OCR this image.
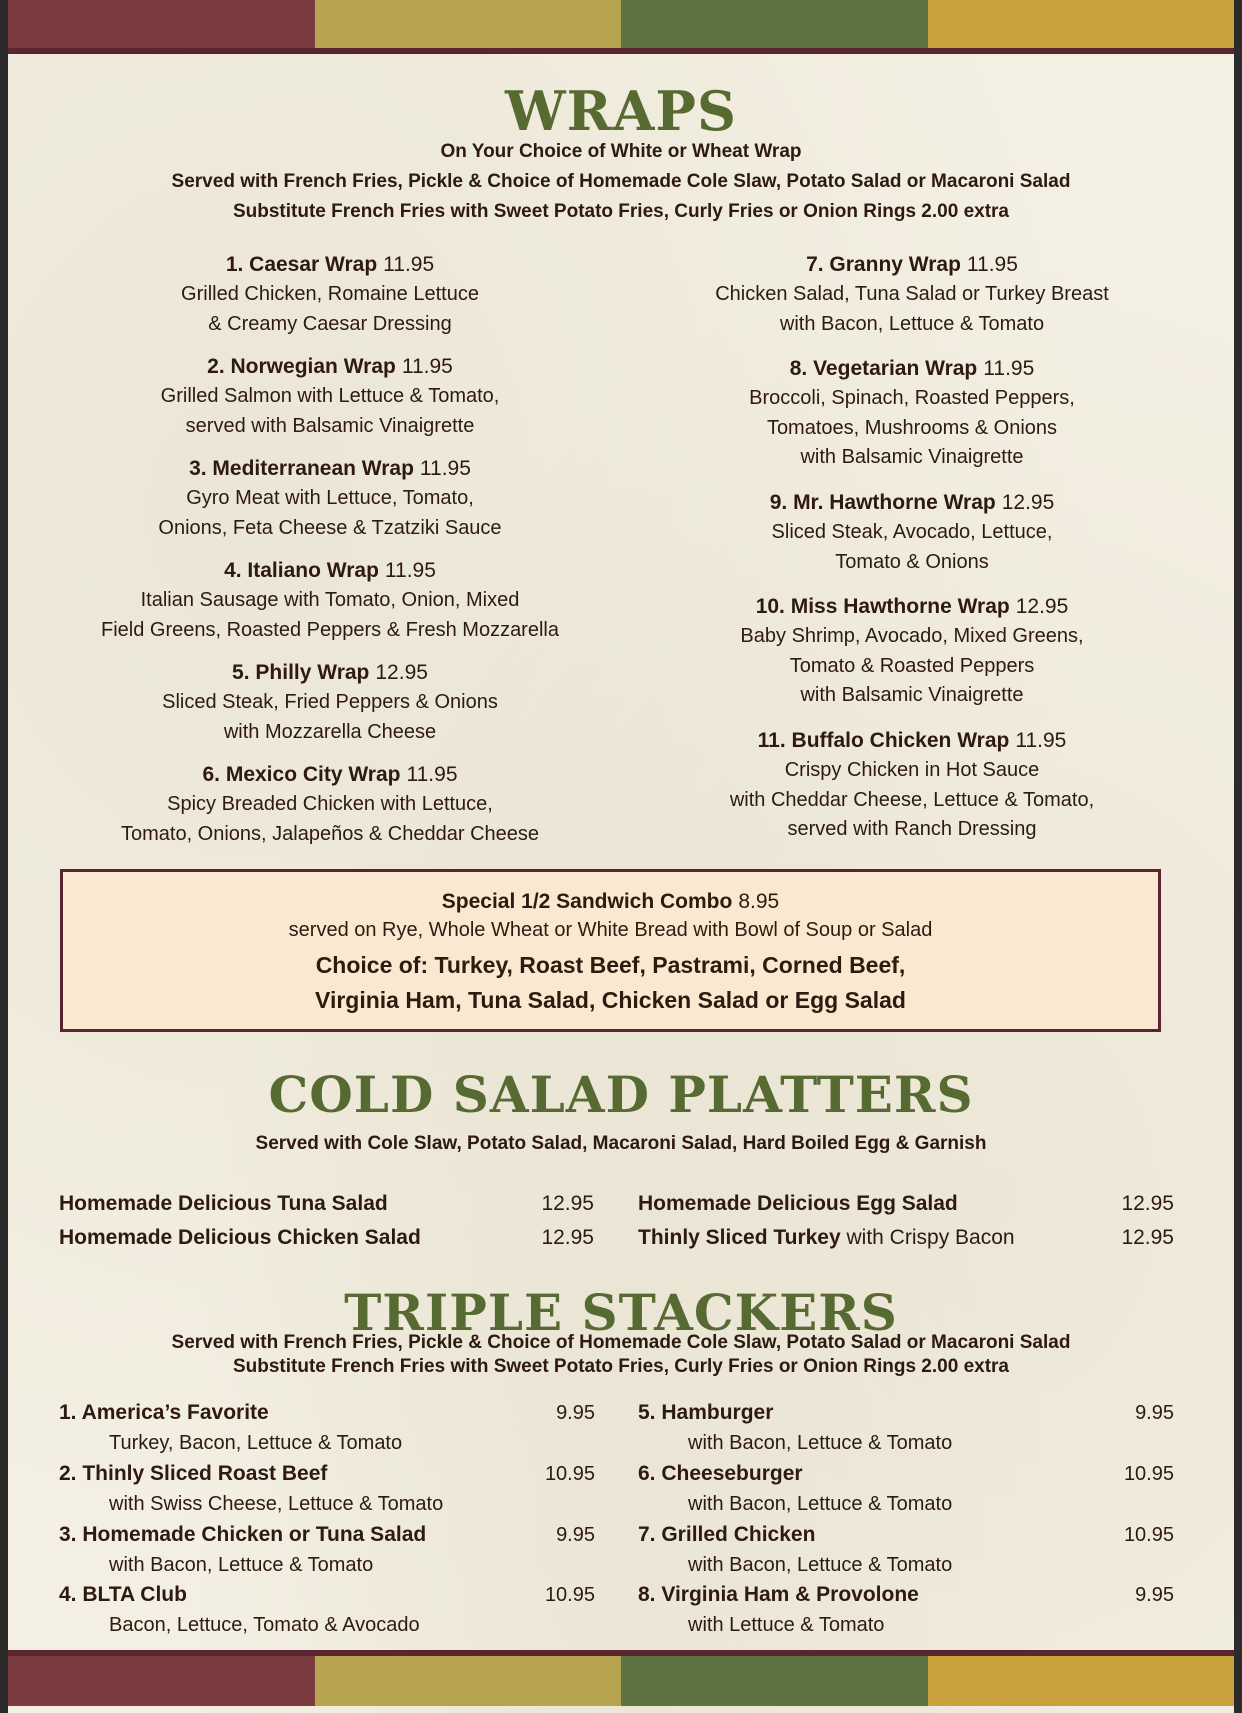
WRAPS

On Your Choice of White or Wheat Wrap

Served with French Fries, Pickle & Choice of Homemade Cole Slaw, Potato Salad or Macaroni Salad

Substitute French Fries with Sweet Potato Fries, Curly Fries or Onion Rings 2.00 extra

1. Caesar Wrap 11.95
Grilled Chicken, Romaine Lettuce
& Creamy Caesar Dressing
2. Norwegian Wrap 11.95
Grilled Salmon with Lettuce & Tomato,
served with Balsamic Vinaigrette
3. Mediterranean Wrap 11.95
Gyro Meat with Lettuce, Tomato,
Onions, Feta Cheese & Tzatziki Sauce
4. Italiano Wrap 11.95
Italian Sausage with Tomato, Onion, Mixed
Field Greens, Roasted Peppers & Fresh Mozzarella
5. Philly Wrap 12.95
Sliced Steak, Fried Peppers & Onions
with Mozzarella Cheese
6. Mexico City Wrap 11.95
Spicy Breaded Chicken with Lettuce,
Tomato, Onions, Jalapeños & Cheddar Cheese
7. Granny Wrap 11.95
Chicken Salad, Tuna Salad or Turkey Breast
with Bacon, Lettuce & Tomato
8. Vegetarian Wrap 11.95
Broccoli, Spinach, Roasted Peppers,
Tomatoes, Mushrooms & Onions
with Balsamic Vinaigrette
9. Mr. Hawthorne Wrap 12.95
Sliced Steak, Avocado, Lettuce,
Tomato & Onions
10. Miss Hawthorne Wrap 12.95
Baby Shrimp, Avocado, Mixed Greens,
Tomato & Roasted Peppers
with Balsamic Vinaigrette
11. Buffalo Chicken Wrap 11.95
Crispy Chicken in Hot Sauce
with Cheddar Cheese, Lettuce & Tomato,
served with Ranch Dressing
Special 1/2 Sandwich Combo 8.95
served on Rye, Whole Wheat or White Bread with Bowl of Soup or Salad
Choice of: Turkey, Roast Beef, Pastrami, Corned Beef,
Virginia Ham, Tuna Salad, Chicken Salad or Egg Salad
COLD SALAD PLATTERS

Served with Cole Slaw, Potato Salad, Macaroni Salad, Hard Boiled Egg & Garnish

Homemade Delicious Tuna Salad	12.95
Homemade Delicious Chicken Salad	12.95
Homemade Delicious Egg Salad	12.95
Thinly Sliced Turkey with Crispy Bacon	12.95
TRIPLE STACKERS

Served with French Fries, Pickle & Choice of Homemade Cole Slaw, Potato Salad or Macaroni Salad

Substitute French Fries with Sweet Potato Fries, Curly Fries or Onion Rings 2.00 extra

1. America’s Favorite
Turkey, Bacon, Lettuce & Tomato
9.95
2. Thinly Sliced Roast Beef
with Swiss Cheese, Lettuce & Tomato
10.95
3. Homemade Chicken or Tuna Salad
with Bacon, Lettuce & Tomato
9.95
4. BLTA Club
Bacon, Lettuce, Tomato & Avocado
10.95
5. Hamburger
with Bacon, Lettuce & Tomato
9.95
6. Cheeseburger
with Bacon, Lettuce & Tomato
10.95
7. Grilled Chicken
with Bacon, Lettuce & Tomato
10.95
8. Virginia Ham & Provolone
with Lettuce & Tomato
9.95
